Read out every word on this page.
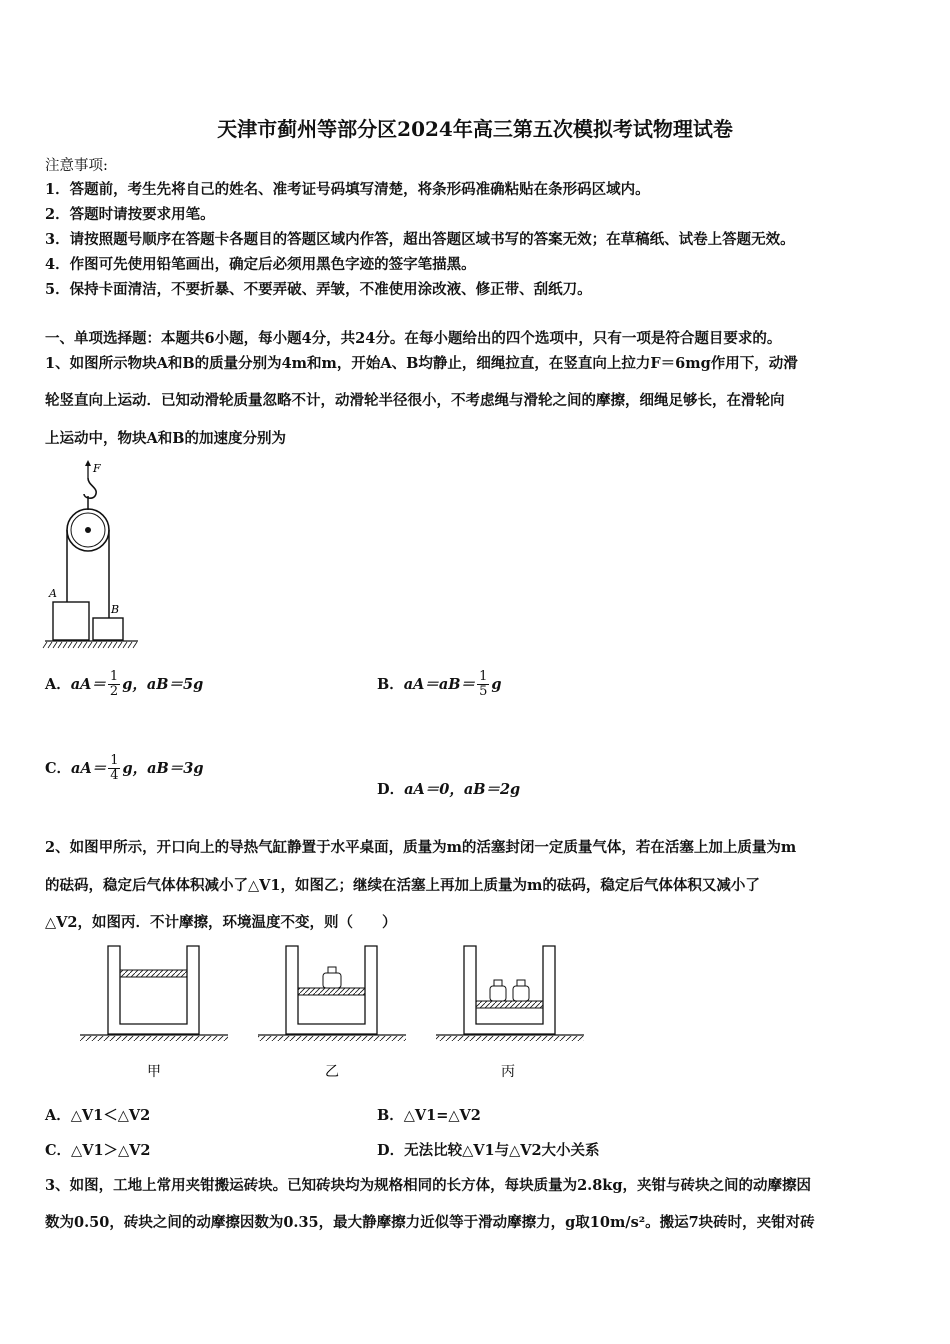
天津市蓟州等部分区2024年高三第五次模拟考试物理试卷
注意事项:
1．答题前，考生先将自己的姓名、准考证号码填写清楚，将条形码准确粘贴在条形码区域内。
2．答题时请按要求用笔。
3．请按照题号顺序在答题卡各题目的答题区域内作答，超出答题区域书写的答案无效；在草稿纸、试卷上答题无效。
4．作图可先使用铅笔画出，确定后必须用黑色字迹的签字笔描黑。
5．保持卡面清洁，不要折暴、不要弄破、弄皱，不准使用涂改液、修正带、刮纸刀。
一、单项选择题：本题共6小题，每小题4分，共24分。在每小题给出的四个选项中，只有一项是符合题目要求的。
1、如图所示物块A和B的质量分别为4m和m，开始A、B均静止，细绳拉直，在竖直向上拉力F＝6mg作用下，动滑
轮竖直向上运动．已知动滑轮质量忽略不计，动滑轮半径很小，不考虑绳与滑轮之间的摩擦，细绳足够长，在滑轮向
上运动中，物块A和B的加速度分别为
F
A
B
A．$aA= \frac{1}{2}$ g，aB＝5g	B．$aA=aB= \frac{1}{5}$ g
C．$aA= \frac{1}{4}$ g，aB＝3g
D．aA＝0，aB＝2g
2、如图甲所示，开口向上的导热气缸静置于水平桌面，质量为m的活塞封闭一定质量气体，若在活塞上加上质量为m
的砝码，稳定后气体体积减小了△V1，如图乙；继续在活塞上再加上质量为m的砝码，稳定后气体体积又减小了
△V2，如图丙．不计摩擦，环境温度不变，则（　　）
甲	乙	丙
A．△V1＜△V2	B．△V1=△V2
C．△V1＞△V2	D．无法比较△V1与△V2大小关系
3、如图，工地上常用夹钳搬运砖块。已知砖块均为规格相同的长方体，每块质量为2.8kg，夹钳与砖块之间的动摩擦因
数为0.50，砖块之间的动摩擦因数为0.35，最大静摩擦力近似等于滑动摩擦力，g取10m/s²。搬运7块砖时，夹钳对砖
